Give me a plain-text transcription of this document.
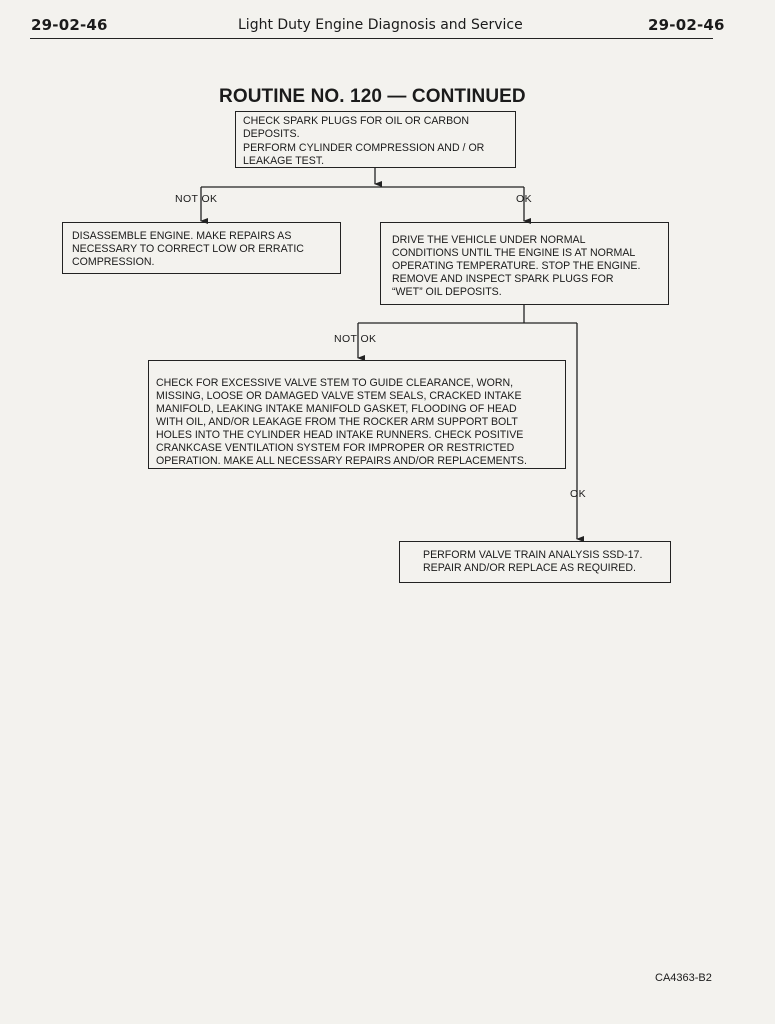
29-02-46	Light Duty Engine Diagnosis and Service	29-02-46
ROUTINE NO. 120 — CONTINUED
CHECK SPARK PLUGS FOR OIL OR CARBON
DEPOSITS.
PERFORM CYLINDER COMPRESSION AND / OR
LEAKAGE TEST.
NOT OK	OK
DISASSEMBLE ENGINE. MAKE REPAIRS AS
NECESSARY TO CORRECT LOW OR ERRATIC
COMPRESSION.
DRIVE THE VEHICLE UNDER NORMAL
CONDITIONS UNTIL THE ENGINE IS AT NORMAL
OPERATING TEMPERATURE. STOP THE ENGINE.
REMOVE AND INSPECT SPARK PLUGS FOR
“WET” OIL DEPOSITS.
NOT OK
CHECK FOR EXCESSIVE VALVE STEM TO GUIDE CLEARANCE, WORN,
MISSING, LOOSE OR DAMAGED VALVE STEM SEALS, CRACKED INTAKE
MANIFOLD, LEAKING INTAKE MANIFOLD GASKET, FLOODING OF HEAD
WITH OIL, AND/OR LEAKAGE FROM THE ROCKER ARM SUPPORT BOLT
HOLES INTO THE CYLINDER HEAD INTAKE RUNNERS. CHECK POSITIVE
CRANKCASE VENTILATION SYSTEM FOR IMPROPER OR RESTRICTED
OPERATION. MAKE ALL NECESSARY REPAIRS AND/OR REPLACEMENTS.
OK
PERFORM VALVE TRAIN ANALYSIS SSD-17.
REPAIR AND/OR REPLACE AS REQUIRED.
CA4363-B2
